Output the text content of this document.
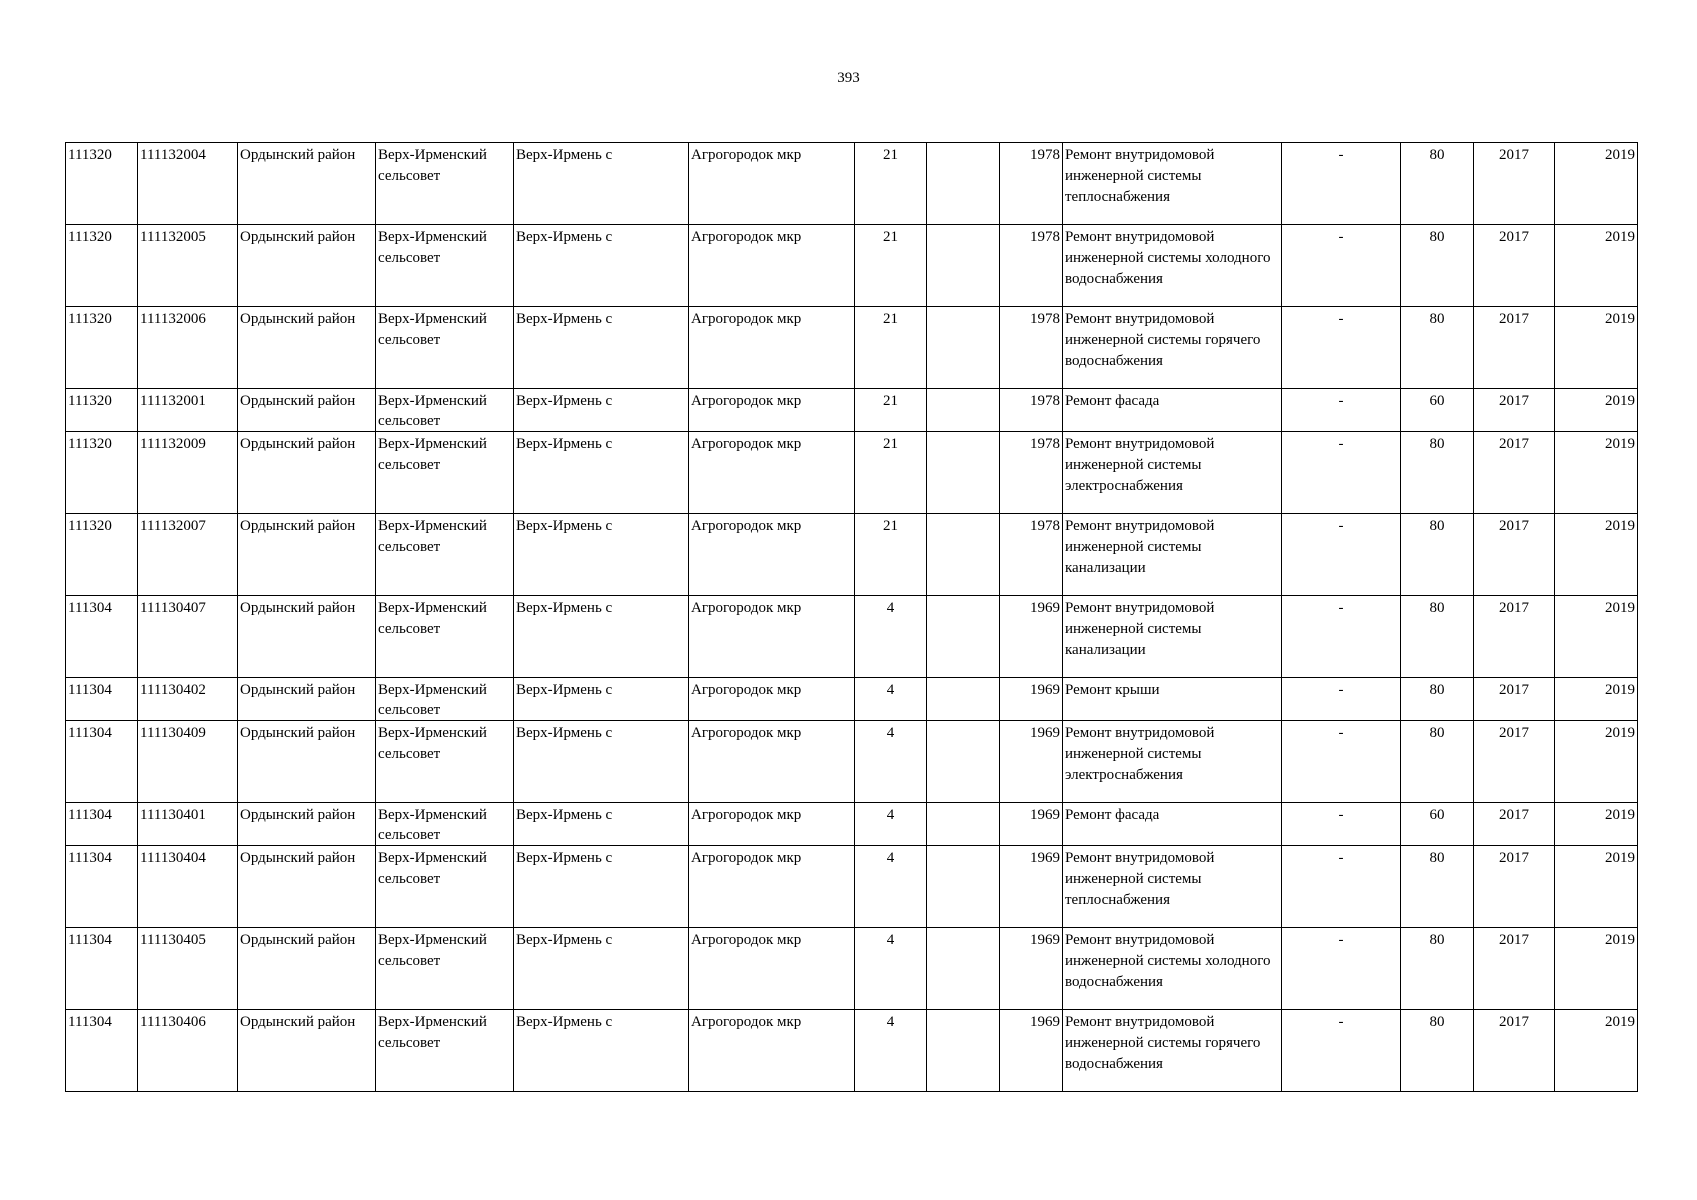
393
111320	111132004	Ордынский район	Верх-Ирменский сельсовет	Верх-Ирмень с	Агрогородок мкр	21		1978	Ремонт внутридомовой инженерной системы теплоснабжения	-	80	2017	2019
111320	111132005	Ордынский район	Верх-Ирменский сельсовет	Верх-Ирмень с	Агрогородок мкр	21		1978	Ремонт внутридомовой инженерной системы холодного водоснабжения	-	80	2017	2019
111320	111132006	Ордынский район	Верх-Ирменский сельсовет	Верх-Ирмень с	Агрогородок мкр	21		1978	Ремонт внутридомовой инженерной системы горячего водоснабжения	-	80	2017	2019
111320	111132001	Ордынский район	Верх-Ирменский сельсовет	Верх-Ирмень с	Агрогородок мкр	21		1978	Ремонт фасада	-	60	2017	2019
111320	111132009	Ордынский район	Верх-Ирменский сельсовет	Верх-Ирмень с	Агрогородок мкр	21		1978	Ремонт внутридомовой инженерной системы электроснабжения	-	80	2017	2019
111320	111132007	Ордынский район	Верх-Ирменский сельсовет	Верх-Ирмень с	Агрогородок мкр	21		1978	Ремонт внутридомовой инженерной системы канализации	-	80	2017	2019
111304	111130407	Ордынский район	Верх-Ирменский сельсовет	Верх-Ирмень с	Агрогородок мкр	4		1969	Ремонт внутридомовой инженерной системы канализации	-	80	2017	2019
111304	111130402	Ордынский район	Верх-Ирменский сельсовет	Верх-Ирмень с	Агрогородок мкр	4		1969	Ремонт крыши	-	80	2017	2019
111304	111130409	Ордынский район	Верх-Ирменский сельсовет	Верх-Ирмень с	Агрогородок мкр	4		1969	Ремонт внутридомовой инженерной системы электроснабжения	-	80	2017	2019
111304	111130401	Ордынский район	Верх-Ирменский сельсовет	Верх-Ирмень с	Агрогородок мкр	4		1969	Ремонт фасада	-	60	2017	2019
111304	111130404	Ордынский район	Верх-Ирменский сельсовет	Верх-Ирмень с	Агрогородок мкр	4		1969	Ремонт внутридомовой инженерной системы теплоснабжения	-	80	2017	2019
111304	111130405	Ордынский район	Верх-Ирменский сельсовет	Верх-Ирмень с	Агрогородок мкр	4		1969	Ремонт внутридомовой инженерной системы холодного водоснабжения	-	80	2017	2019
111304	111130406	Ордынский район	Верх-Ирменский сельсовет	Верх-Ирмень с	Агрогородок мкр	4		1969	Ремонт внутридомовой инженерной системы горячего водоснабжения	-	80	2017	2019
